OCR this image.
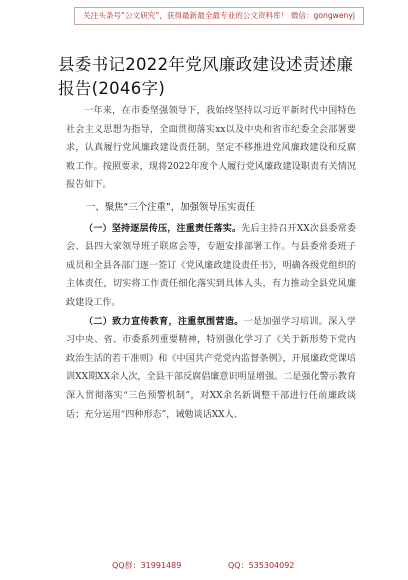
关注头条号“公文研究”，获得最新最全最专业的公文资料库！ 微信：gongwenyj
县委书记2022年党风廉政建设述责述廉报告(2046字)

一年来，在市委坚强领导下，我始终坚持以习近平新时代中国特色社会主义思想为指导，全面贯彻落实xx以及中央和省市纪委全会部署要求，认真履行党风廉政建设责任制，坚定不移推进党风廉政建设和反腐败工作。按照要求，现将2022年度个人履行党风廉政建设职责有关情况报告如下。

一、聚焦“三个注重”，加强领导压实责任

（一）坚持逐层传压，注重责任落实。先后主持召开XX次县委常委会、县四大家领导班子联席会等，专题安排部署工作。与县委常委班子成员和全县各部门逐一签订《党风廉政建设责任书》，明确各级党组织的主体责任，切实将工作责任细化落实到具体人头，有力推动全县党风廉政建设工作。

（二）致力宣传教育，注重氛围营造。一是加强学习培训。深入学习中央、省、市委系列重要精神，特别强化学习了《关于新形势下党内政治生活的若干准则》和《中国共产党党内监督条例》，开展廉政党课培训XX期XX余人次，全县干部反腐倡廉意识明显增强。二是强化警示教育深入贯彻落实“三色预警机制”，对XX余名新调整干部进行任前廉政谈话；充分运用“四种形态”，诫勉谈话XX人、

QQ群：31991489	QQ：535304092
